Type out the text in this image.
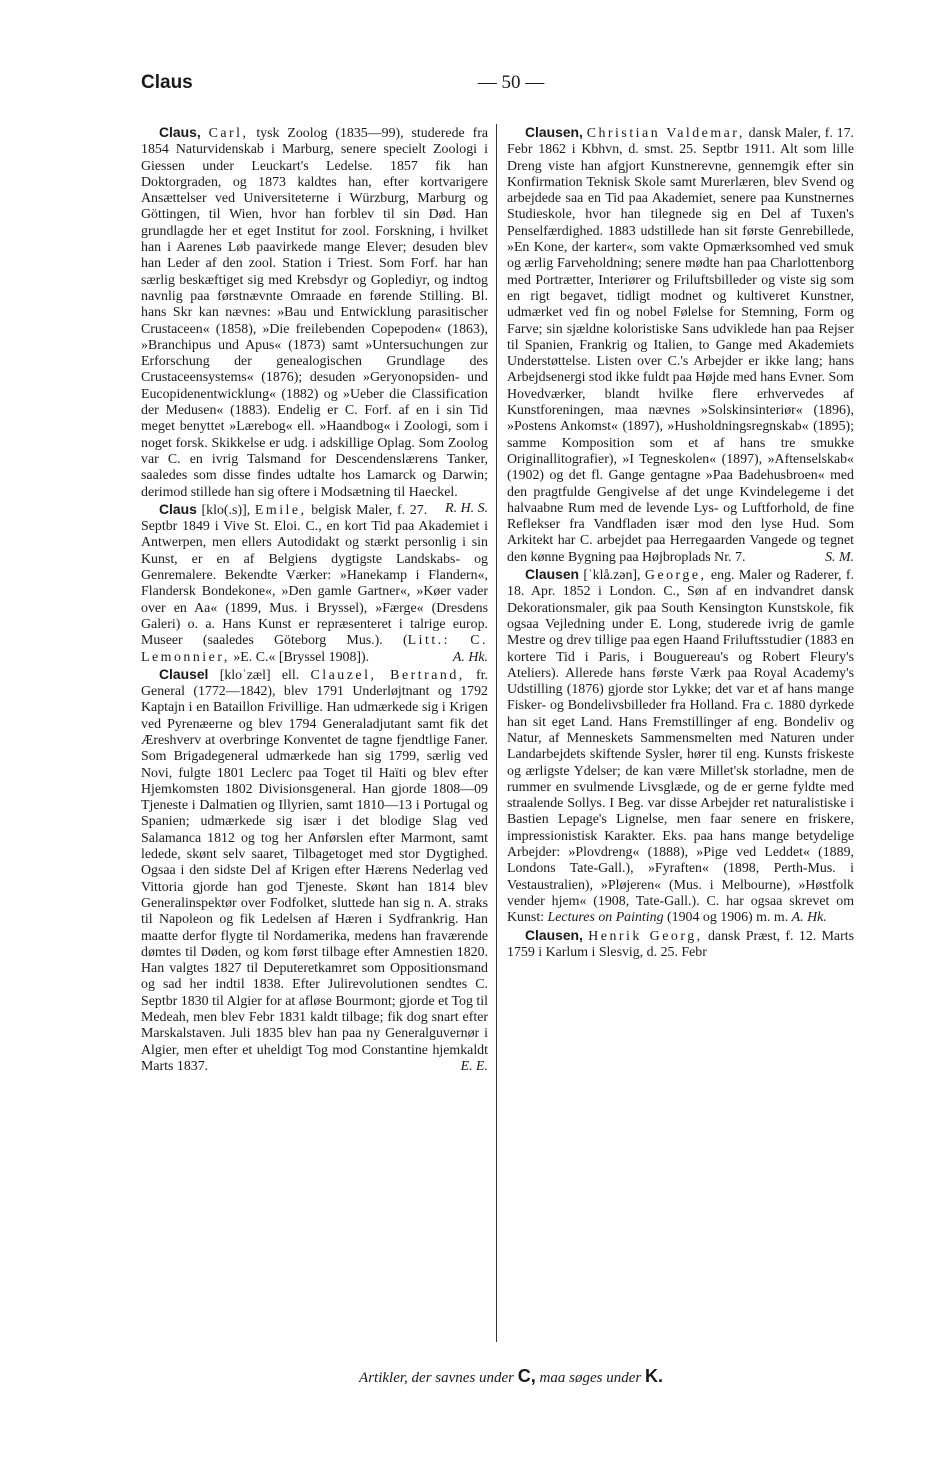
Claus	— 50 —

Claus, Carl, tysk Zoolog (1835—99), studerede fra 1854 Naturvidenskab i Marburg, senere specielt Zoologi i Giessen under Leuckart's Ledelse. 1857 fik han Doktorgraden, og 1873 kaldtes han, efter kortvarigere Ansættelser ved Universiteterne i Würzburg, Marburg og Göttingen, til Wien, hvor han forblev til sin Død. Han grundlagde her et eget Institut for zool. Forskning, i hvilket han i Aarenes Løb paavirkede mange Elever; desuden blev han Leder af den zool. Station i Triest. Som Forf. har han særlig beskæftiget sig med Krebsdyr og Goplediyr, og indtog navnlig paa førstnævnte Omraade en førende Stilling. Bl. hans Skr kan nævnes: »Bau und Entwicklung parasitischer Crustaceen« (1858), »Die freilebenden Copepoden« (1863), »Branchipus und Apus« (1873) samt »Untersuchungen zur Erforschung der genealogischen Grundlage des Crustaceensystems« (1876); desuden »Geryonopsiden- und Eucopidenentwicklung« (1882) og »Ueber die Classification der Medusen« (1883). Endelig er C. Forf. af en i sin Tid meget benyttet »Lærebog« ell. »Haandbog« i Zoologi, som i noget forsk. Skikkelse er udg. i adskillige Oplag. Som Zoolog var C. en ivrig Talsmand for Descendenslærens Tanker, saaledes som disse findes udtalte hos Lamarck og Darwin; derimod stillede han sig oftere i Modsætning til Haeckel.
R. H. S.

Claus [klo(.s)], Emile, belgisk Maler, f. 27. Septbr 1849 i Vive St. Eloi. C., en kort Tid paa Akademiet i Antwerpen, men ellers Autodidakt og stærkt personlig i sin Kunst, er en af Belgiens dygtigste Landskabs- og Genremalere. Bekendte Værker: »Hanekamp i Flandern«, Flandersk Bondekone«, »Den gamle Gartner«, »Køer vader over en Aa« (1899, Mus. i Bryssel), »Færge« (Dresdens Galeri) o. a. Hans Kunst er repræsenteret i talrige europ. Museer (saaledes Göteborg Mus.). (Litt.: C. Lemonnier, »E. C.« [Bryssel 1908]).	A. Hk.

Clausel [kloˈzæl] ell. Clauzel, Bertrand, fr. General (1772—1842), blev 1791 Underløjtnant og 1792 Kaptajn i en Bataillon Frivillige. Han udmærkede sig i Krigen ved Pyrenæerne og blev 1794 Generaladjutant samt fik det Æreshverv at overbringe Konventet de tagne fjendtlige Faner. Som Brigadegeneral udmærkede han sig 1799, særlig ved Novi, fulgte 1801 Leclerc paa Toget til Haïti og blev efter Hjemkomsten 1802 Divisionsgeneral. Han gjorde 1808—09 Tjeneste i Dalmatien og Illyrien, samt 1810—13 i Portugal og Spanien; udmærkede sig især i det blodige Slag ved Salamanca 1812 og tog her Anførslen efter Marmont, samt ledede, skønt selv saaret, Tilbagetoget med stor Dygtighed. Ogsaa i den sidste Del af Krigen efter Hærens Nederlag ved Vittoria gjorde han god Tjeneste. Skønt han 1814 blev Generalinspektør over Fodfolket, sluttede han sig n. A. straks til Napoleon og fik Ledelsen af Hæren i Sydfrankrig. Han maatte derfor flygte til Nordamerika, medens han fraværende dømtes til Døden, og kom først tilbage efter Amnestien 1820. Han valgtes 1827 til Deputeretkamret som Oppositionsmand og sad her indtil 1838. Efter Julirevolutionen sendtes C. Septbr 1830 til Algier for at afløse Bourmont; gjorde et Tog til Medeah, men blev Febr 1831 kaldt tilbage; fik dog snart efter Marskalstaven. Juli 1835 blev han paa ny Generalguvernør i Algier, men efter et uheldigt Tog mod Constantine hjemkaldt Marts 1837.	E. E.

Clausen, Christian Valdemar, dansk Maler, f. 17. Febr 1862 i Kbhvn, d. smst. 25. Septbr 1911. Alt som lille Dreng viste han afgjort Kunstnerevne, gennemgik efter sin Konfirmation Teknisk Skole samt Murerlæren, blev Svend og arbejdede saa en Tid paa Akademiet, senere paa Kunstnernes Studieskole, hvor han tilegnede sig en Del af Tuxen's Penselfærdighed. 1883 udstillede han sit første Genrebillede, »En Kone, der karter«, som vakte Opmærksomhed ved smuk og ærlig Farveholdning; senere mødte han paa Charlottenborg med Portrætter, Interiører og Friluftsbilleder og viste sig som en rigt begavet, tidligt modnet og kultiveret Kunstner, udmærket ved fin og nobel Følelse for Stemning, Form og Farve; sin sjældne koloristiske Sans udviklede han paa Rejser til Spanien, Frankrig og Italien, to Gange med Akademiets Understøttelse. Listen over C.'s Arbejder er ikke lang; hans Arbejdsenergi stod ikke fuldt paa Højde med hans Evner. Som Hovedværker, blandt hvilke flere erhvervedes af Kunstforeningen, maa nævnes »Solskinsinteriør« (1896), »Postens Ankomst« (1897), »Husholdningsregnskab« (1895); samme Komposition som et af hans tre smukke Originallitografier), »I Tegneskolen« (1897), »Aftenselskab« (1902) og det fl. Gange gentagne »Paa Badehusbroen« med den pragtfulde Gengivelse af det unge Kvindelegeme i det halvaabne Rum med de levende Lys- og Luftforhold, de fine Reflekser fra Vandfladen især mod den lyse Hud. Som Arkitekt har C. arbejdet paa Herregaarden Vangede og tegnet den kønne Bygning paa Højbroplads Nr. 7.	S. M.

Clausen [ˈklå.zən], George, eng. Maler og Raderer, f. 18. Apr. 1852 i London. C., Søn af en indvandret dansk Dekorationsmaler, gik paa South Kensington Kunstskole, fik ogsaa Vejledning under E. Long, studerede ivrig de gamle Mestre og drev tillige paa egen Haand Friluftsstudier (1883 en kortere Tid i Paris, i Bouguereau's og Robert Fleury's Ateliers). Allerede hans første Værk paa Royal Academy's Udstilling (1876) gjorde stor Lykke; det var et af hans mange Fisker- og Bondelivsbilleder fra Holland. Fra c. 1880 dyrkede han sit eget Land. Hans Fremstillinger af eng. Bondeliv og Natur, af Menneskets Sammensmelten med Naturen under Landarbejdets skiftende Sysler, hører til eng. Kunsts friskeste og ærligste Ydelser; de kan være Millet'sk storladne, men de rummer en svulmende Livsglæde, og de er gerne fyldte med straalende Sollys. I Beg. var disse Arbejder ret naturalistiske i Bastien Lepage's Lignelse, men faar senere en friskere, impressionistisk Karakter. Eks. paa hans mange betydelige Arbejder: »Plovdreng« (1888), »Pige ved Leddet« (1889, Londons Tate-Gall.), »Fyraften« (1898, Perth-Mus. i Vestaustralien), »Pløjeren« (Mus. i Melbourne), »Høstfolk vender hjem« (1908, Tate-Gall.). C. har ogsaa skrevet om Kunst: Lectures on Painting (1904 og 1906) m. m. A. Hk.

Clausen, Henrik Georg, dansk Præst, f. 12. Marts 1759 i Karlum i Slesvig, d. 25. Febr

Artikler, der savnes under C, maa søges under K.
